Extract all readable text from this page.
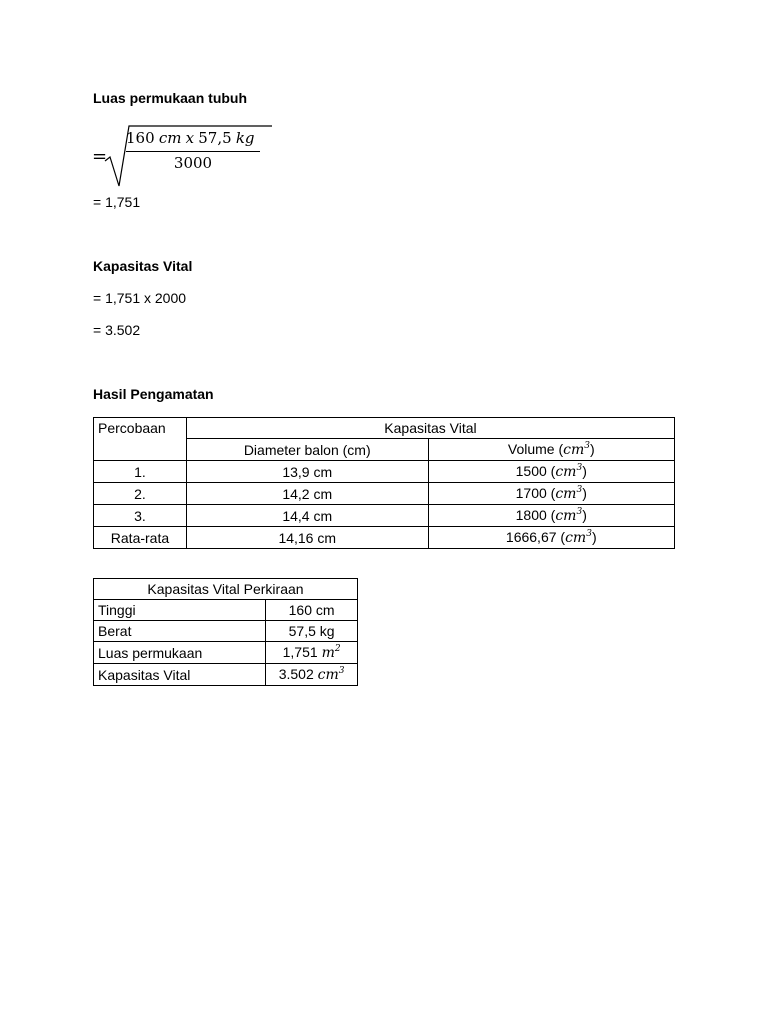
Luas permukaan tubuh
=
160 cm x 57,5 kg
3000
= 1,751
Kapasitas Vital
= 1,751 x 2000
= 3.502
Hasil Pengamatan
Percobaan	Kapasitas Vital	
	Diameter balon (cm)	Volume $(cm^3)$
1.	13,9 cm	1500 $(cm^3)$
2.	14,2 cm	1700 $(cm^3)$
3.	14,4 cm	1800 $(cm^3)$
Rata-rata	14,16 cm	1666,67 $(cm^3)$
Kapasitas Vital Perkiraan	
Tinggi	160 cm
Berat	57,5 kg
Luas permukaan	1,751 $m^2$
Kapasitas Vital	3.502 $cm^3$
